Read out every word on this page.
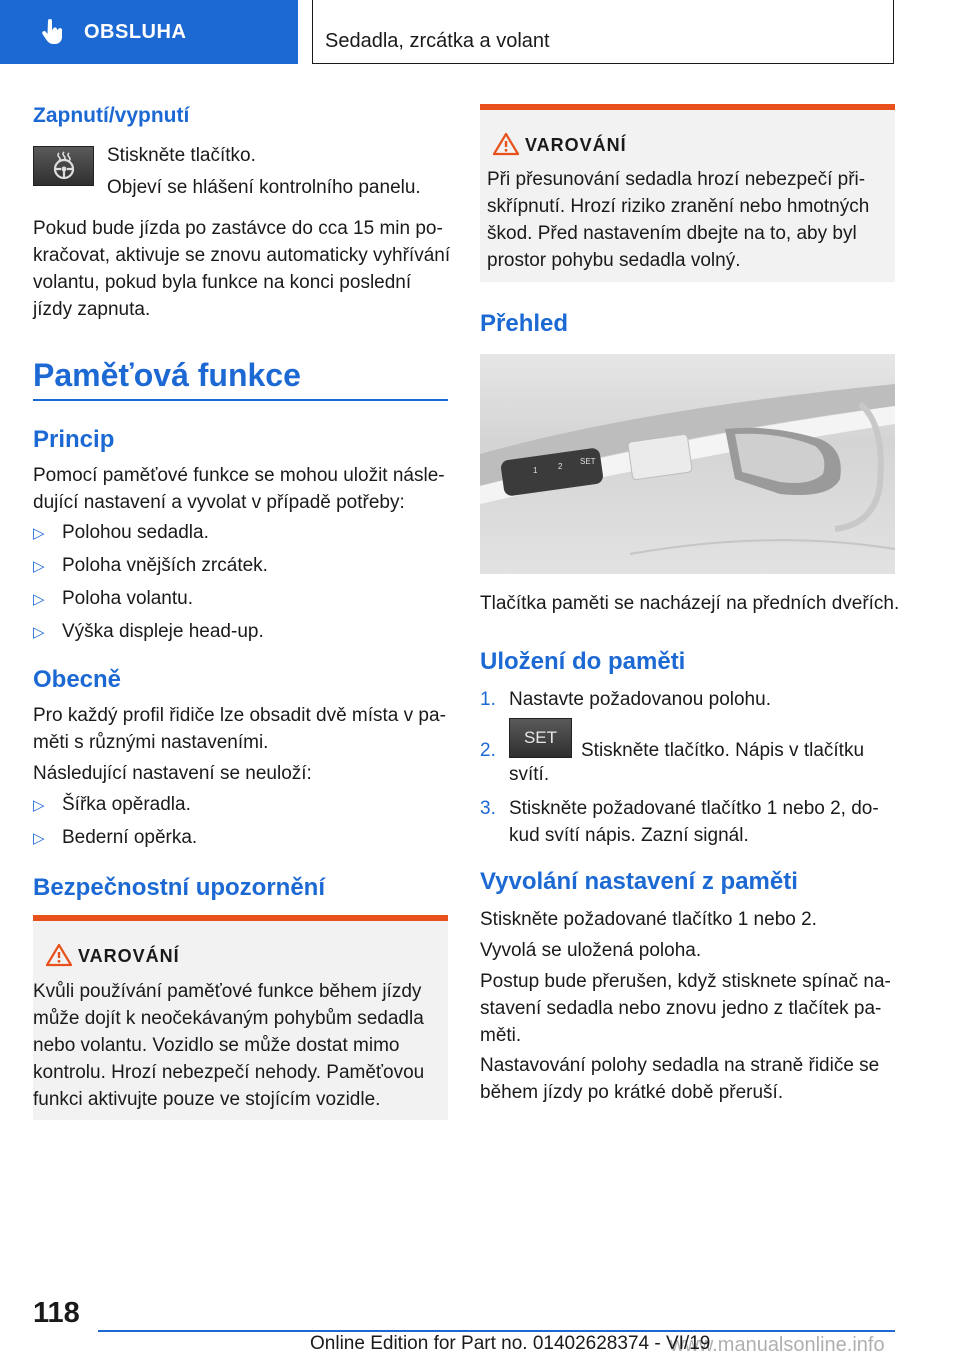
OBSLUHA	Sedadla, zrcátka a volant
Zapnutí/vypnutí
Stiskněte tlačítko.
Objeví se hlášení kontrolního panelu.
Pokud bude jízda po zastávce do cca 15 min po-
kračovat, aktivuje se znovu automaticky vyhřívání
volantu, pokud byla funkce na konci poslední
jízdy zapnuta.
Paměťová funkce
Princip
Pomocí paměťové funkce se mohou uložit násle-
dující nastavení a vyvolat v případě potřeby:
▷ Polohou sedadla.
▷ Poloha vnějších zrcátek.
▷ Poloha volantu.
▷ Výška displeje head-up.
Obecně
Pro každý profil řidiče lze obsadit dvě místa v pa-
měti s různými nastaveními.
Následující nastavení se neuloží:
▷ Šířka opěradla.
▷ Bederní opěrka.
Bezpečnostní upozornění
VAROVÁNÍ
Kvůli používání paměťové funkce během jízdy
může dojít k neočekávaným pohybům sedadla
nebo volantu. Vozidlo se může dostat mimo
kontrolu. Hrozí nebezpečí nehody. Paměťovou
funkci aktivujte pouze ve stojícím vozidle.
VAROVÁNÍ
Při přesunování sedadla hrozí nebezpečí při-
skřípnutí. Hrozí riziko zranění nebo hmotných
škod. Před nastavením dbejte na to, aby byl
prostor pohybu sedadla volný.
Přehled
1	2
SET
Tlačítka paměti se nacházejí na předních dveřích.
Uložení do paměti
1. Nastavte požadovanou polohu.
2.
SET
Stiskněte tlačítko. Nápis v tlačítku
svítí.
3. Stiskněte požadované tlačítko 1 nebo 2, do-
kud svítí nápis. Zazní signál.
Vyvolání nastavení z paměti
Stiskněte požadované tlačítko 1 nebo 2.
Vyvolá se uložená poloha.
Postup bude přerušen, když stisknete spínač na-
stavení sedadla nebo znovu jedno z tlačítek pa-
měti.
Nastavování polohy sedadla na straně řidiče se
během jízdy po krátké době přeruší.
118
Online Edition for Part no. 01402628374 - VI/19
www.manualsonline.info
